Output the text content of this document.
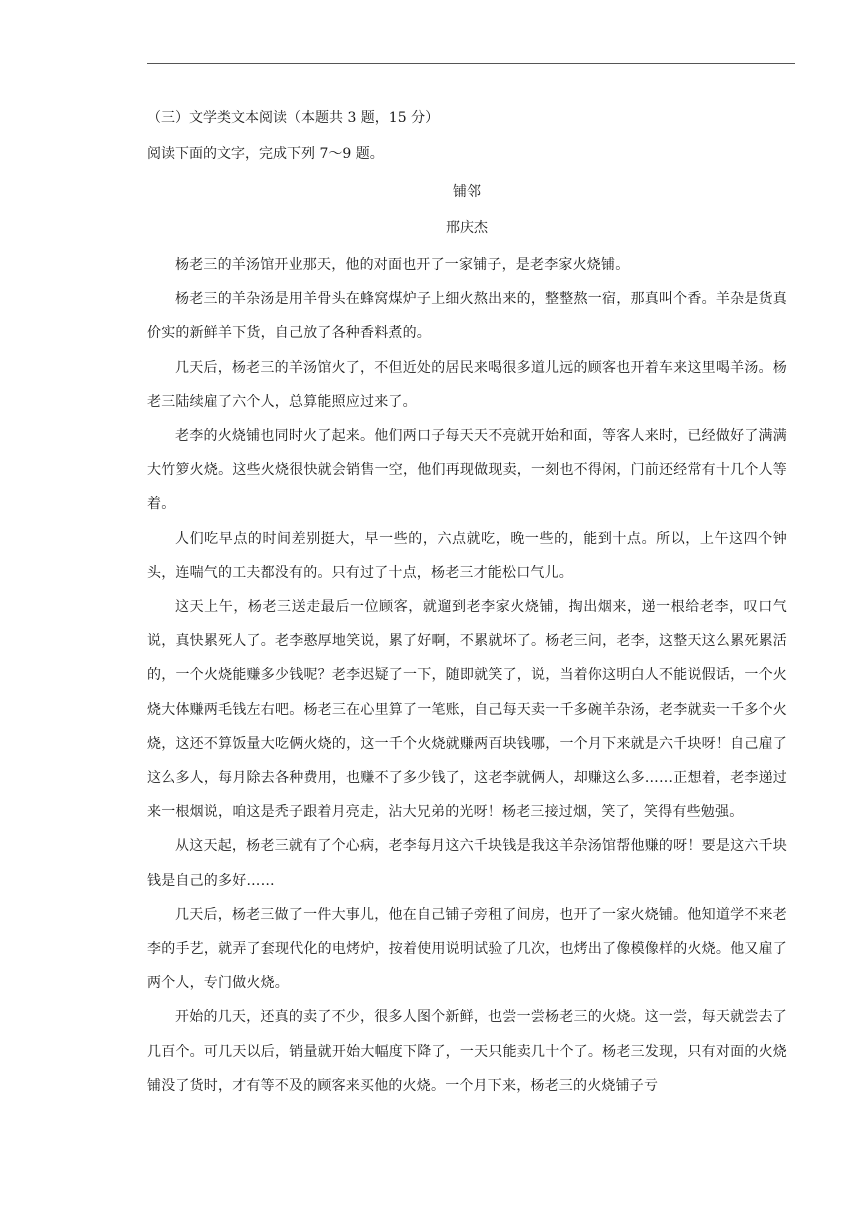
（三）文学类文本阅读（本题共 3 题，15 分）
阅读下面的文字，完成下列 7～9 题。
铺邻
邢庆杰

杨老三的羊汤馆开业那天，他的对面也开了一家铺子，是老李家火烧铺。

杨老三的羊杂汤是用羊骨头在蜂窝煤炉子上细火熬出来的，整整熬一宿，那真叫个香。羊杂是货真价实的新鲜羊下货，自己放了各种香料煮的。

几天后，杨老三的羊汤馆火了，不但近处的居民来喝很多道儿远的顾客也开着车来这里喝羊汤。杨老三陆续雇了六个人，总算能照应过来了。

老李的火烧铺也同时火了起来。他们两口子每天天不亮就开始和面，等客人来时，已经做好了满满大竹箩火烧。这些火烧很快就会销售一空，他们再现做现卖，一刻也不得闲，门前还经常有十几个人等着。

人们吃早点的时间差别挺大，早一些的，六点就吃，晚一些的，能到十点。所以，上午这四个钟头，连喘气的工夫都没有的。只有过了十点，杨老三才能松口气儿。

这天上午，杨老三送走最后一位顾客，就遛到老李家火烧铺，掏出烟来，递一根给老李，叹口气说，真快累死人了。老李憨厚地笑说，累了好啊，不累就坏了。杨老三问，老李，这整天这么累死累活的，一个火烧能赚多少钱呢？老李迟疑了一下，随即就笑了，说，当着你这明白人不能说假话，一个火烧大体赚两毛钱左右吧。杨老三在心里算了一笔账，自己每天卖一千多碗羊杂汤，老李就卖一千多个火烧，这还不算饭量大吃俩火烧的，这一千个火烧就赚两百块钱哪，一个月下来就是六千块呀！自己雇了这么多人，每月除去各种费用，也赚不了多少钱了，这老李就俩人，却赚这么多……正想着，老李递过来一根烟说，咱这是秃子跟着月亮走，沾大兄弟的光呀！杨老三接过烟，笑了，笑得有些勉强。

从这天起，杨老三就有了个心病，老李每月这六千块钱是我这羊杂汤馆帮他赚的呀！要是这六千块钱是自己的多好……

几天后，杨老三做了一件大事儿，他在自己铺子旁租了间房，也开了一家火烧铺。他知道学不来老李的手艺，就弄了套现代化的电烤炉，按着使用说明试验了几次，也烤出了像模像样的火烧。他又雇了两个人，专门做火烧。

开始的几天，还真的卖了不少，很多人图个新鲜，也尝一尝杨老三的火烧。这一尝，每天就尝去了几百个。可几天以后，销量就开始大幅度下降了，一天只能卖几十个了。杨老三发现，只有对面的火烧铺没了货时，才有等不及的顾客来买他的火烧。一个月下来，杨老三的火烧铺子亏
